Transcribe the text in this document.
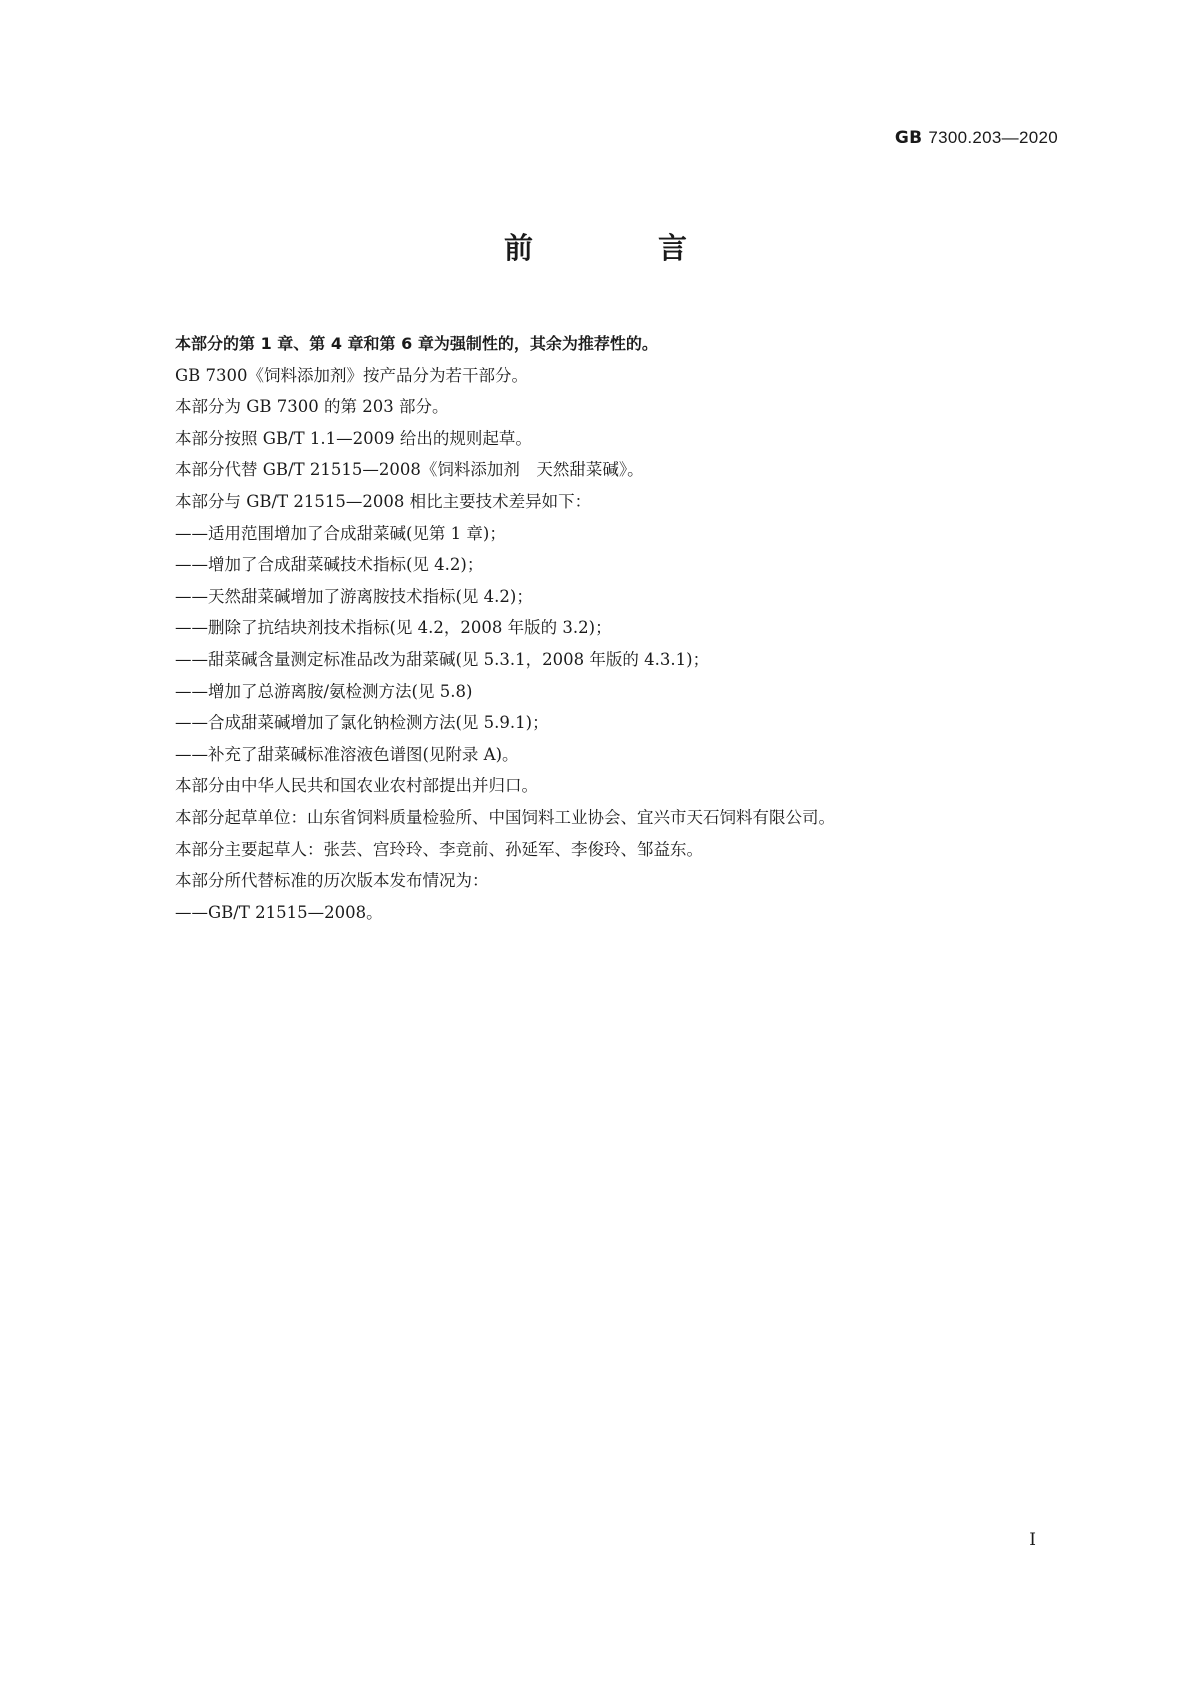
GB 7300.203—2020
前　言
本部分的第 1 章、第 4 章和第 6 章为强制性的，其余为推荐性的。
GB 7300《饲料添加剂》按产品分为若干部分。
本部分为 GB 7300 的第 203 部分。
本部分按照 GB/T 1.1—2009 给出的规则起草。
本部分代替 GB/T 21515—2008《饲料添加剂　天然甜菜碱》。
本部分与 GB/T 21515—2008 相比主要技术差异如下：
——适用范围增加了合成甜菜碱(见第 1 章)；
——增加了合成甜菜碱技术指标(见 4.2)；
——天然甜菜碱增加了游离胺技术指标(见 4.2)；
——删除了抗结块剂技术指标(见 4.2，2008 年版的 3.2)；
——甜菜碱含量测定标准品改为甜菜碱(见 5.3.1，2008 年版的 4.3.1)；
——增加了总游离胺/氨检测方法(见 5.8)
——合成甜菜碱增加了氯化钠检测方法(见 5.9.1)；
——补充了甜菜碱标准溶液色谱图(见附录 A)。
本部分由中华人民共和国农业农村部提出并归口。
本部分起草单位：山东省饲料质量检验所、中国饲料工业协会、宜兴市天石饲料有限公司。
本部分主要起草人：张芸、宫玲玲、李竞前、孙延军、李俊玲、邹益东。
本部分所代替标准的历次版本发布情况为：
——GB/T 21515—2008。
I
